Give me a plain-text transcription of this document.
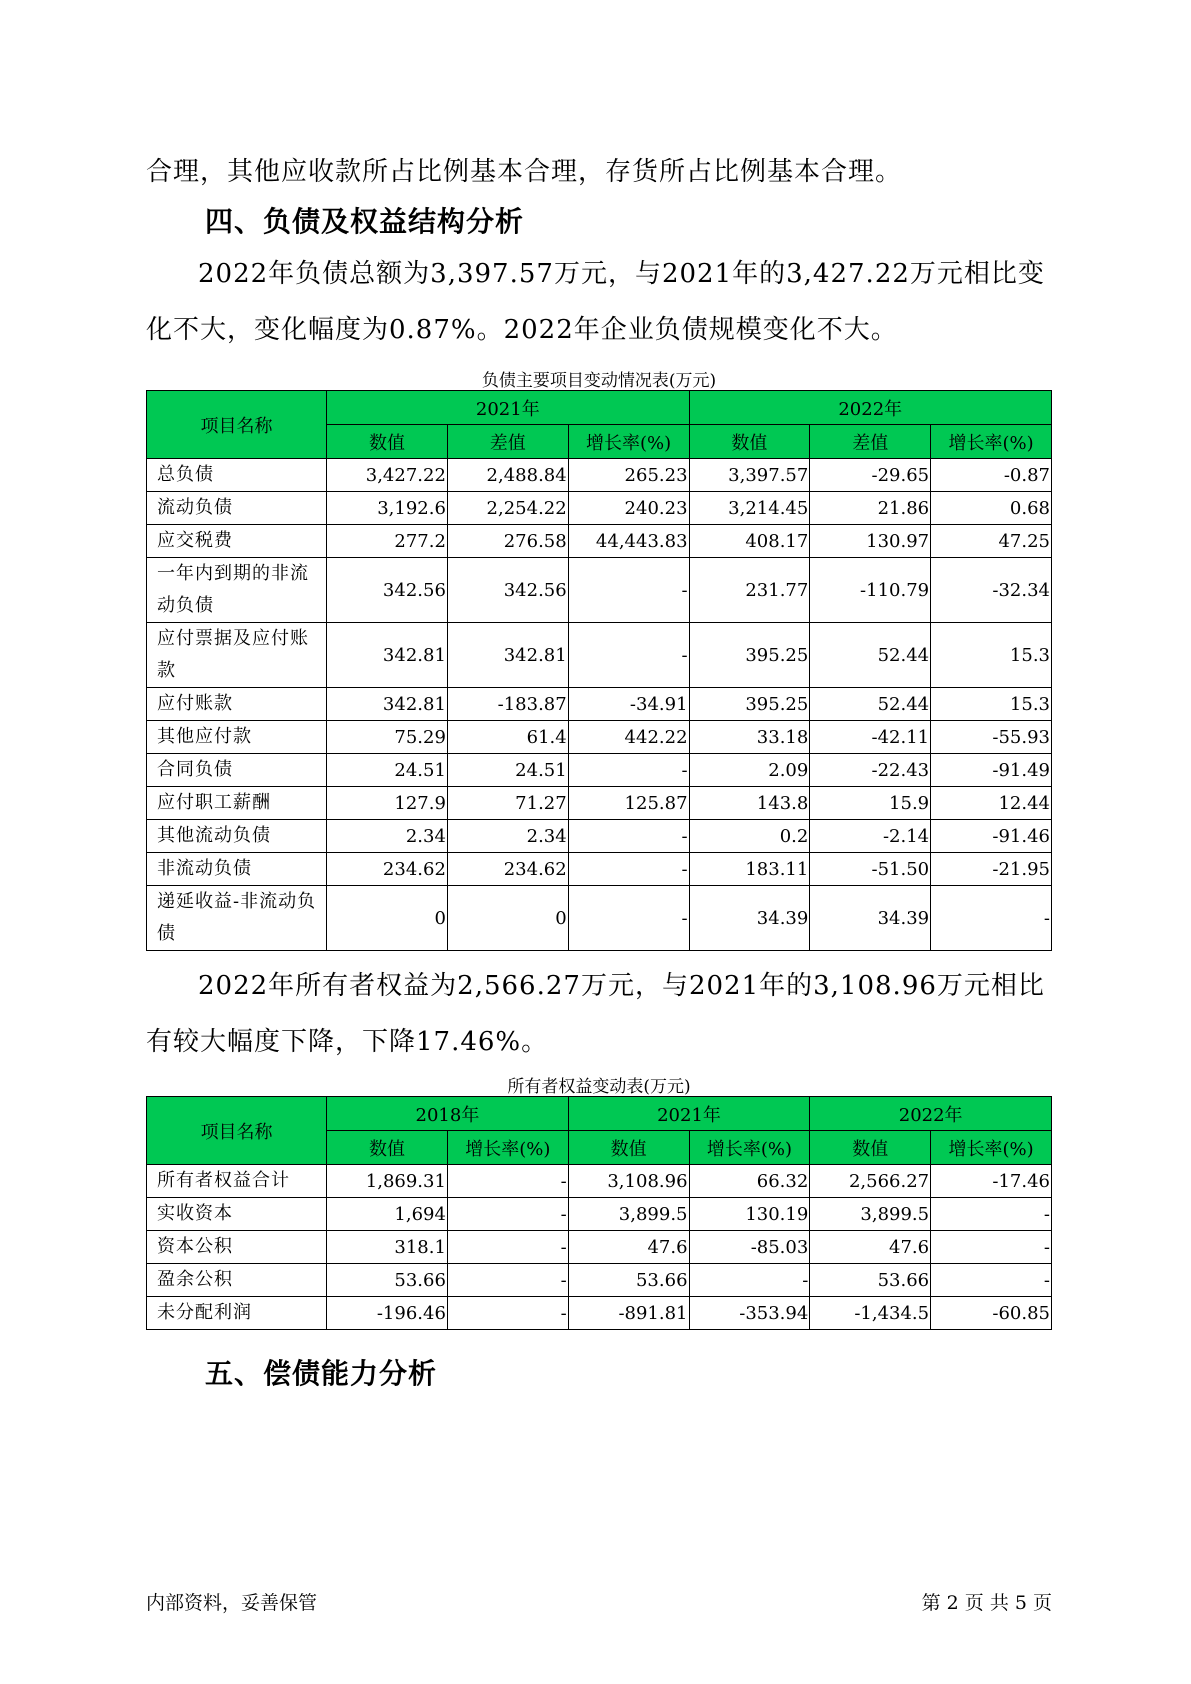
合理，其他应收款所占比例基本合理，存货所占比例基本合理。
四、负债及权益结构分析
2022年负债总额为3,397.57万元，与2021年的3,427.22万元相比变化不大，变化幅度为0.87%。2022年企业负债规模变化不大。
负债主要项目变动情况表(万元)
项目名称	2021年			2022年		
	数值	差值	增长率(%)	数值	差值	增长率(%)
总负债	3,427.22	2,488.84	265.23	3,397.57	-29.65	-0.87
流动负债	3,192.6	2,254.22	240.23	3,214.45	21.86	0.68
应交税费	277.2	276.58	44,443.83	408.17	130.97	47.25
一年内到期的非流动负债	342.56	342.56	-	231.77	-110.79	-32.34
应付票据及应付账款	342.81	342.81	-	395.25	52.44	15.3
应付账款	342.81	-183.87	-34.91	395.25	52.44	15.3
其他应付款	75.29	61.4	442.22	33.18	-42.11	-55.93
合同负债	24.51	24.51	-	2.09	-22.43	-91.49
应付职工薪酬	127.9	71.27	125.87	143.8	15.9	12.44
其他流动负债	2.34	2.34	-	0.2	-2.14	-91.46
非流动负债	234.62	234.62	-	183.11	-51.50	-21.95
递延收益-非流动负债	0	0	-	34.39	34.39	-
2022年所有者权益为2,566.27万元，与2021年的3,108.96万元相比有较大幅度下降，下降17.46%。
所有者权益变动表(万元)
项目名称	2018年		2021年		2022年	
	数值	增长率(%)	数值	增长率(%)	数值	增长率(%)
所有者权益合计	1,869.31	-	3,108.96	66.32	2,566.27	-17.46
实收资本	1,694	-	3,899.5	130.19	3,899.5	-
资本公积	318.1	-	47.6	-85.03	47.6	-
盈余公积	53.66	-	53.66	-	53.66	-
未分配利润	-196.46	-	-891.81	-353.94	-1,434.5	-60.85
五、偿债能力分析
内部资料，妥善保管	第 2 页 共 5 页
